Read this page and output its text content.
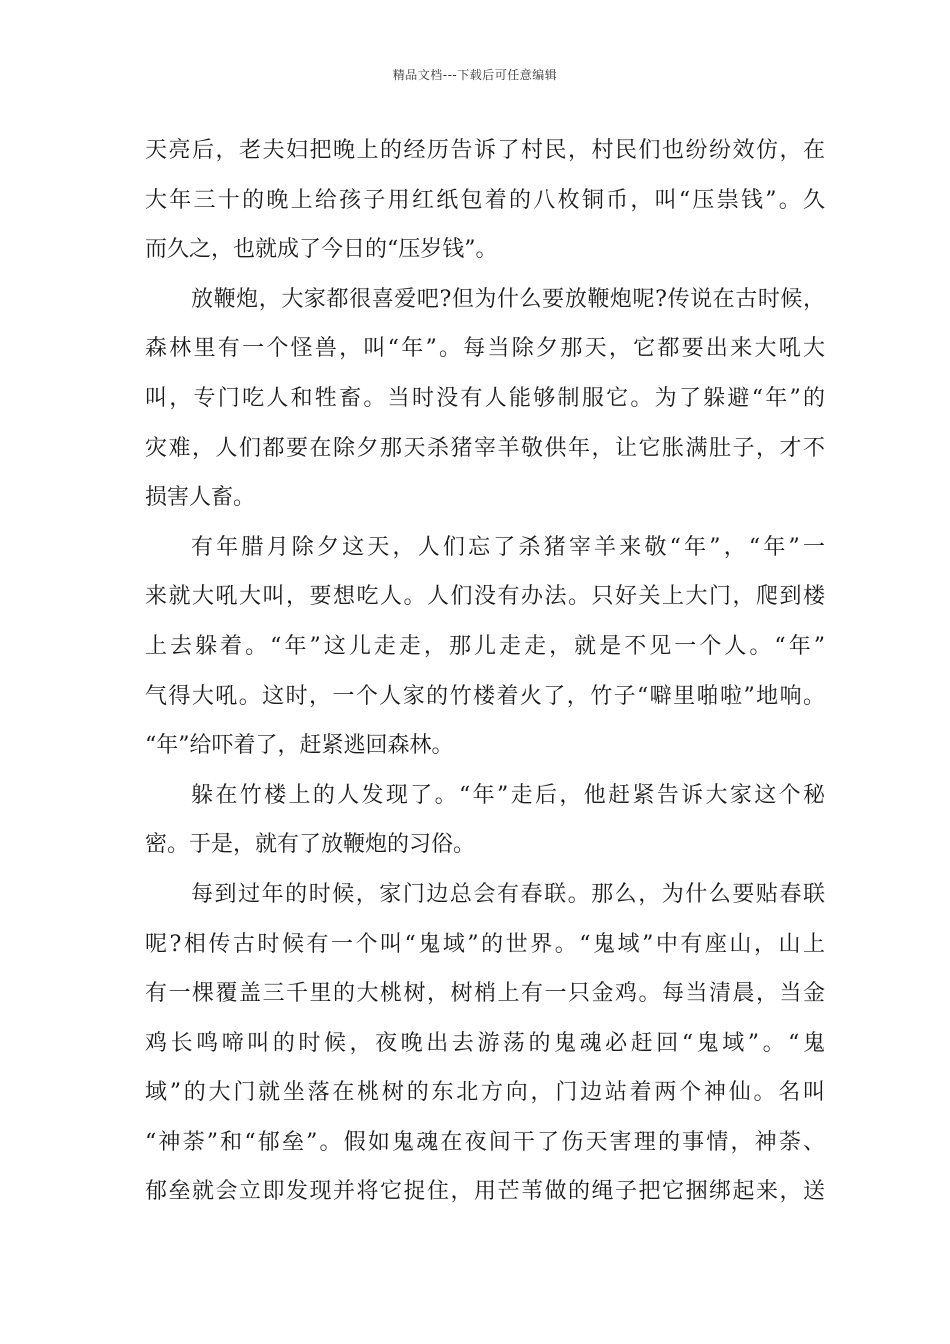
精品文档---下载后可任意编辑
天亮后，老夫妇把晚上的经历告诉了村民，村民们也纷纷效仿，在
大年三十的晚上给孩子用红纸包着的八枚铜币，叫“压祟钱”。久
而久之，也就成了今日的“压岁钱”。
放鞭炮，大家都很喜爱吧?但为什么要放鞭炮呢?传说在古时候，
森林里有一个怪兽，叫“年”。每当除夕那天，它都要出来大吼大
叫，专门吃人和牲畜。当时没有人能够制服它。为了躲避“年”的
灾难，人们都要在除夕那天杀猪宰羊敬供年，让它胀满肚子，才不
损害人畜。
有年腊月除夕这天，人们忘了杀猪宰羊来敬“年”，“年”一
来就大吼大叫，要想吃人。人们没有办法。只好关上大门，爬到楼
上去躲着。“年”这儿走走，那儿走走，就是不见一个人。“年”
气得大吼。这时，一个人家的竹楼着火了，竹子“噼里啪啦”地响。
“年”给吓着了，赶紧逃回森林。
躲在竹楼上的人发现了。“年”走后，他赶紧告诉大家这个秘
密。于是，就有了放鞭炮的习俗。
每到过年的时候，家门边总会有春联。那么，为什么要贴春联
呢?相传古时候有一个叫“鬼域”的世界。“鬼域”中有座山，山上
有一棵覆盖三千里的大桃树，树梢上有一只金鸡。每当清晨，当金
鸡长鸣啼叫的时候，夜晚出去游荡的鬼魂必赶回“鬼域”。“鬼
域”的大门就坐落在桃树的东北方向，门边站着两个神仙。名叫
“神荼”和“郁垒”。假如鬼魂在夜间干了伤天害理的事情，神荼、
郁垒就会立即发现并将它捉住，用芒苇做的绳子把它捆绑起来，送
